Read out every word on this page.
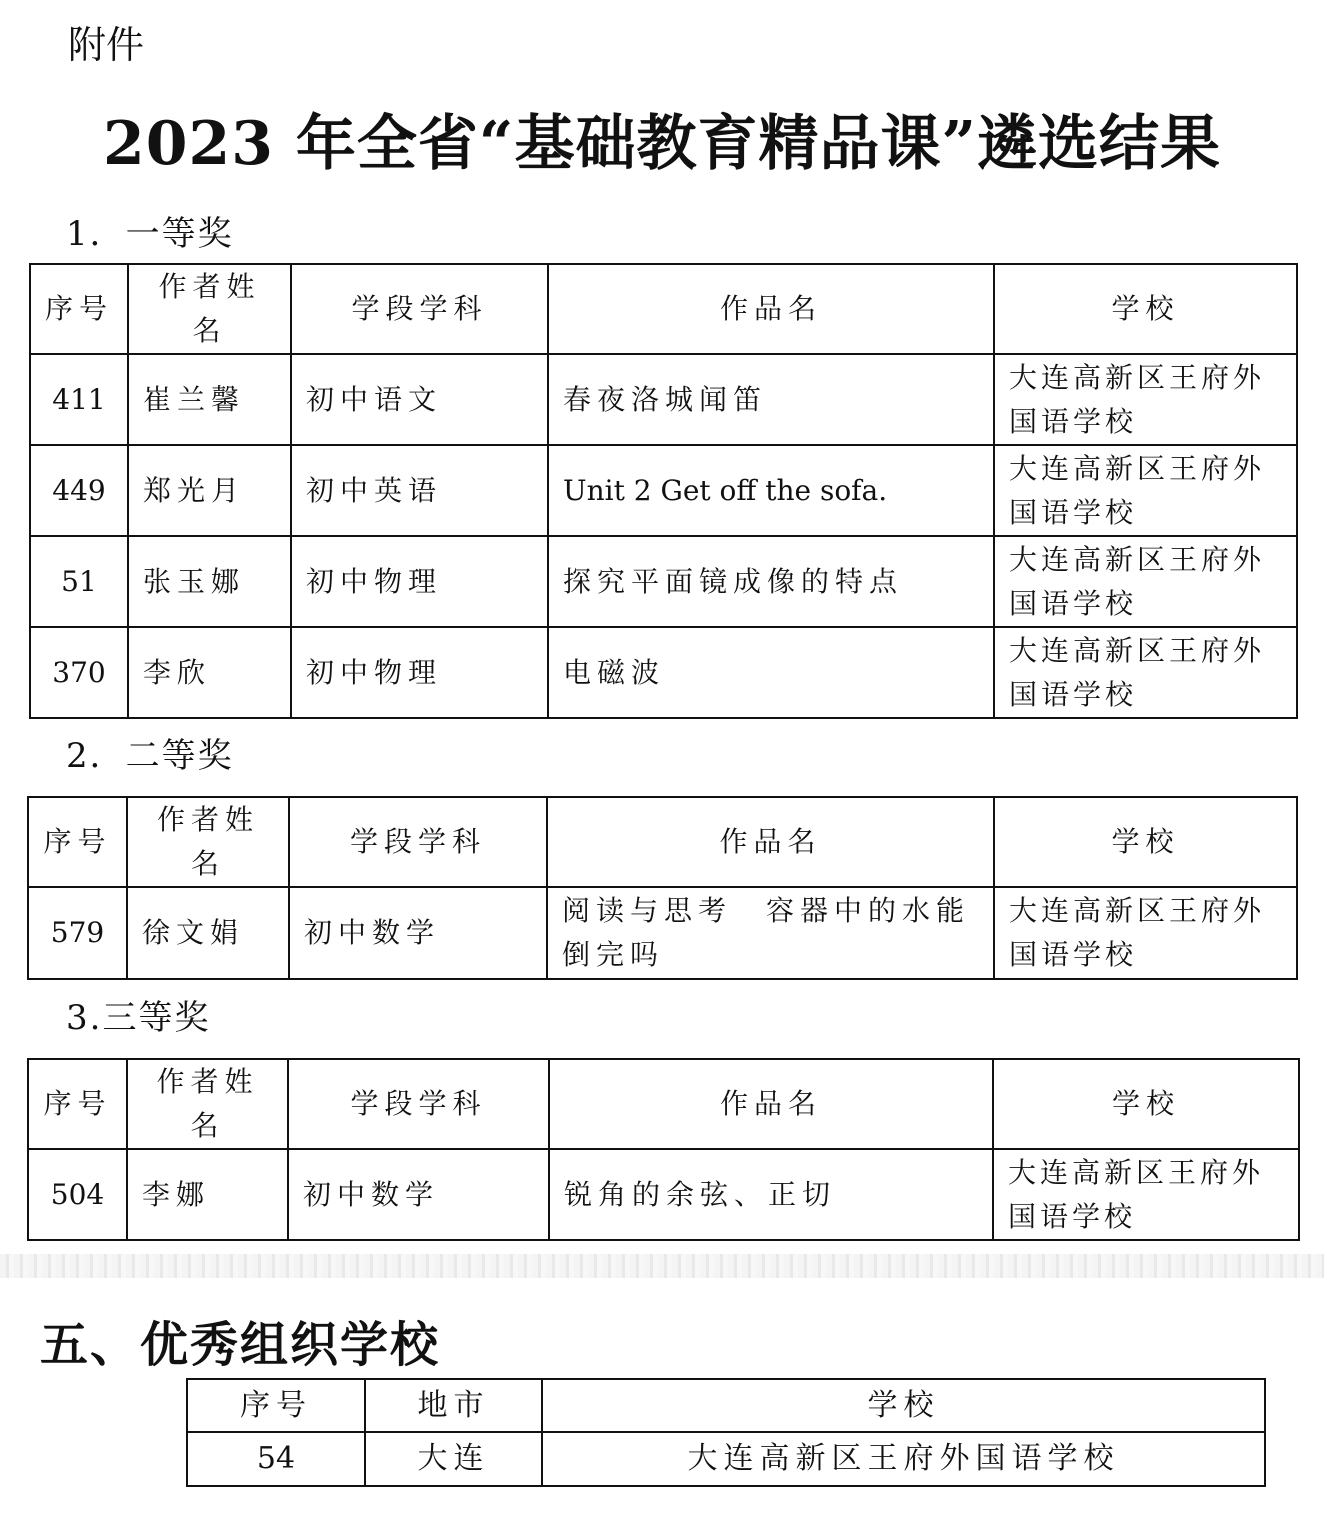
附件
2023 年全省“基础教育精品课”遴选结果
1．一等奖
序号	作者姓名	学段学科	作品名	学校
411	崔兰馨	初中语文	春夜洛城闻笛	大连高新区王府外国语学校
449	郑光月	初中英语	Unit 2 Get off the sofa.	大连高新区王府外国语学校
51	张玉娜	初中物理	探究平面镜成像的特点	大连高新区王府外国语学校
370	李欣	初中物理	电磁波	大连高新区王府外国语学校
2．二等奖
序号	作者姓名	学段学科	作品名	学校
579	徐文娟	初中数学	阅读与思考　容器中的水能倒完吗	大连高新区王府外国语学校
3.三等奖
序号	作者姓名	学段学科	作品名	学校
504	李娜	初中数学	锐角的余弦、正切	大连高新区王府外国语学校
五、优秀组织学校
序号	地市	学校
54	大连	大连高新区王府外国语学校
